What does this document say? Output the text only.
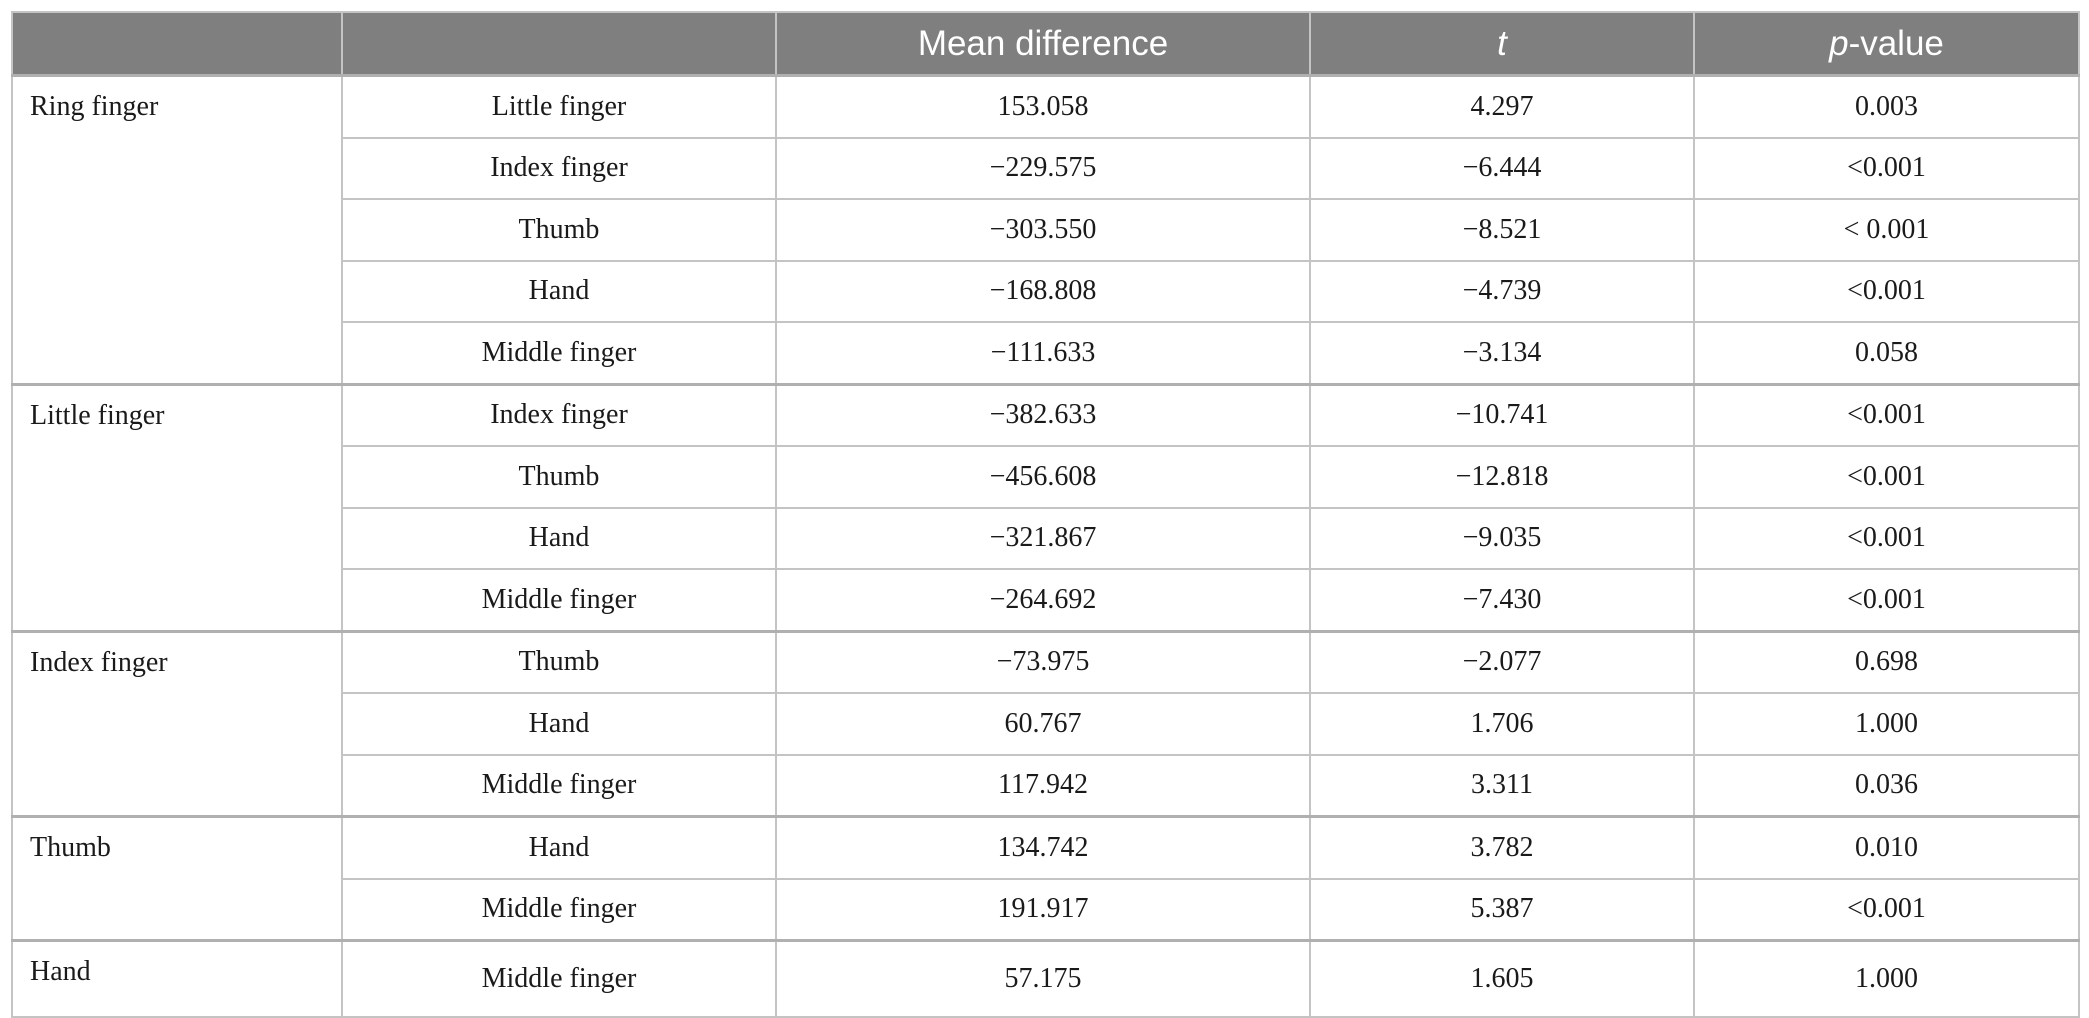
		Mean difference	t	p-value
Ring finger	Little finger	153.058	4.297	0.003
	Index finger	−229.575	−6.444	<0.001
	Thumb	−303.550	−8.521	< 0.001
	Hand	−168.808	−4.739	<0.001
	Middle finger	−111.633	−3.134	0.058
Little finger	Index finger	−382.633	−10.741	<0.001
	Thumb	−456.608	−12.818	<0.001
	Hand	−321.867	−9.035	<0.001
	Middle finger	−264.692	−7.430	<0.001
Index finger	Thumb	−73.975	−2.077	0.698
	Hand	60.767	1.706	1.000
	Middle finger	117.942	3.311	0.036
Thumb	Hand	134.742	3.782	0.010
	Middle finger	191.917	5.387	<0.001
Hand	Middle finger	57.175	1.605	1.000
